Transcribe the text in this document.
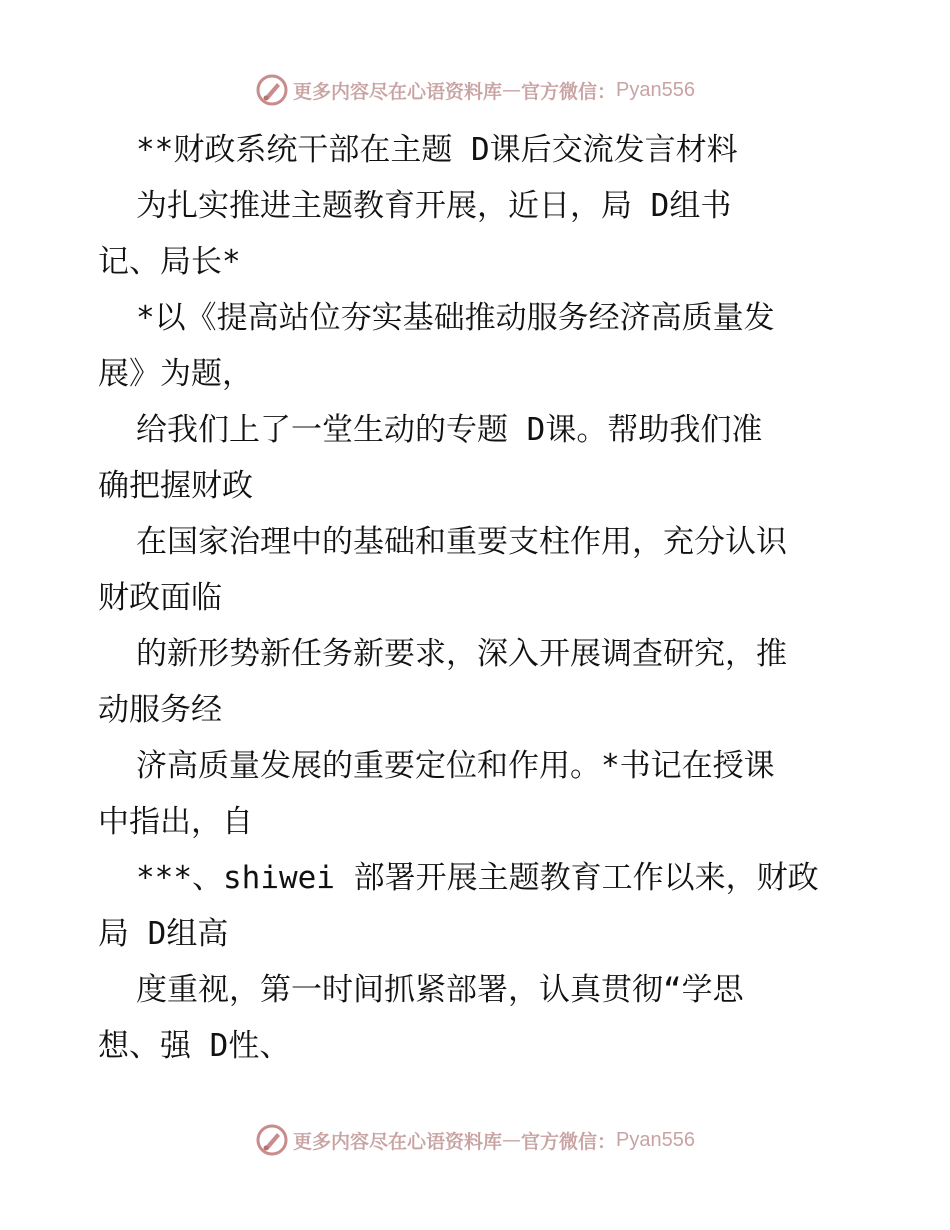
更多内容尽在心语资料库 — 官方微信： Pyan556
**财政系统干部在主题 D课后交流发言材料
为扎实推进主题教育开展，近日，局 D组书
记、局长*
*以《提高站位夯实基础推动服务经济高质量发
展》为题，
给我们上了一堂生动的专题 D课。帮助我们准
确把握财政
在国家治理中的基础和重要支柱作用，充分认识
财政面临
的新形势新任务新要求，深入开展调查研究，推
动服务经
济高质量发展的重要定位和作用。*书记在授课
中指出，自
***、shiwei 部署开展主题教育工作以来，财政
局 D组高
度重视，第一时间抓紧部署，认真贯彻“学思
想、强 D性、
更多内容尽在心语资料库 — 官方微信： Pyan556
